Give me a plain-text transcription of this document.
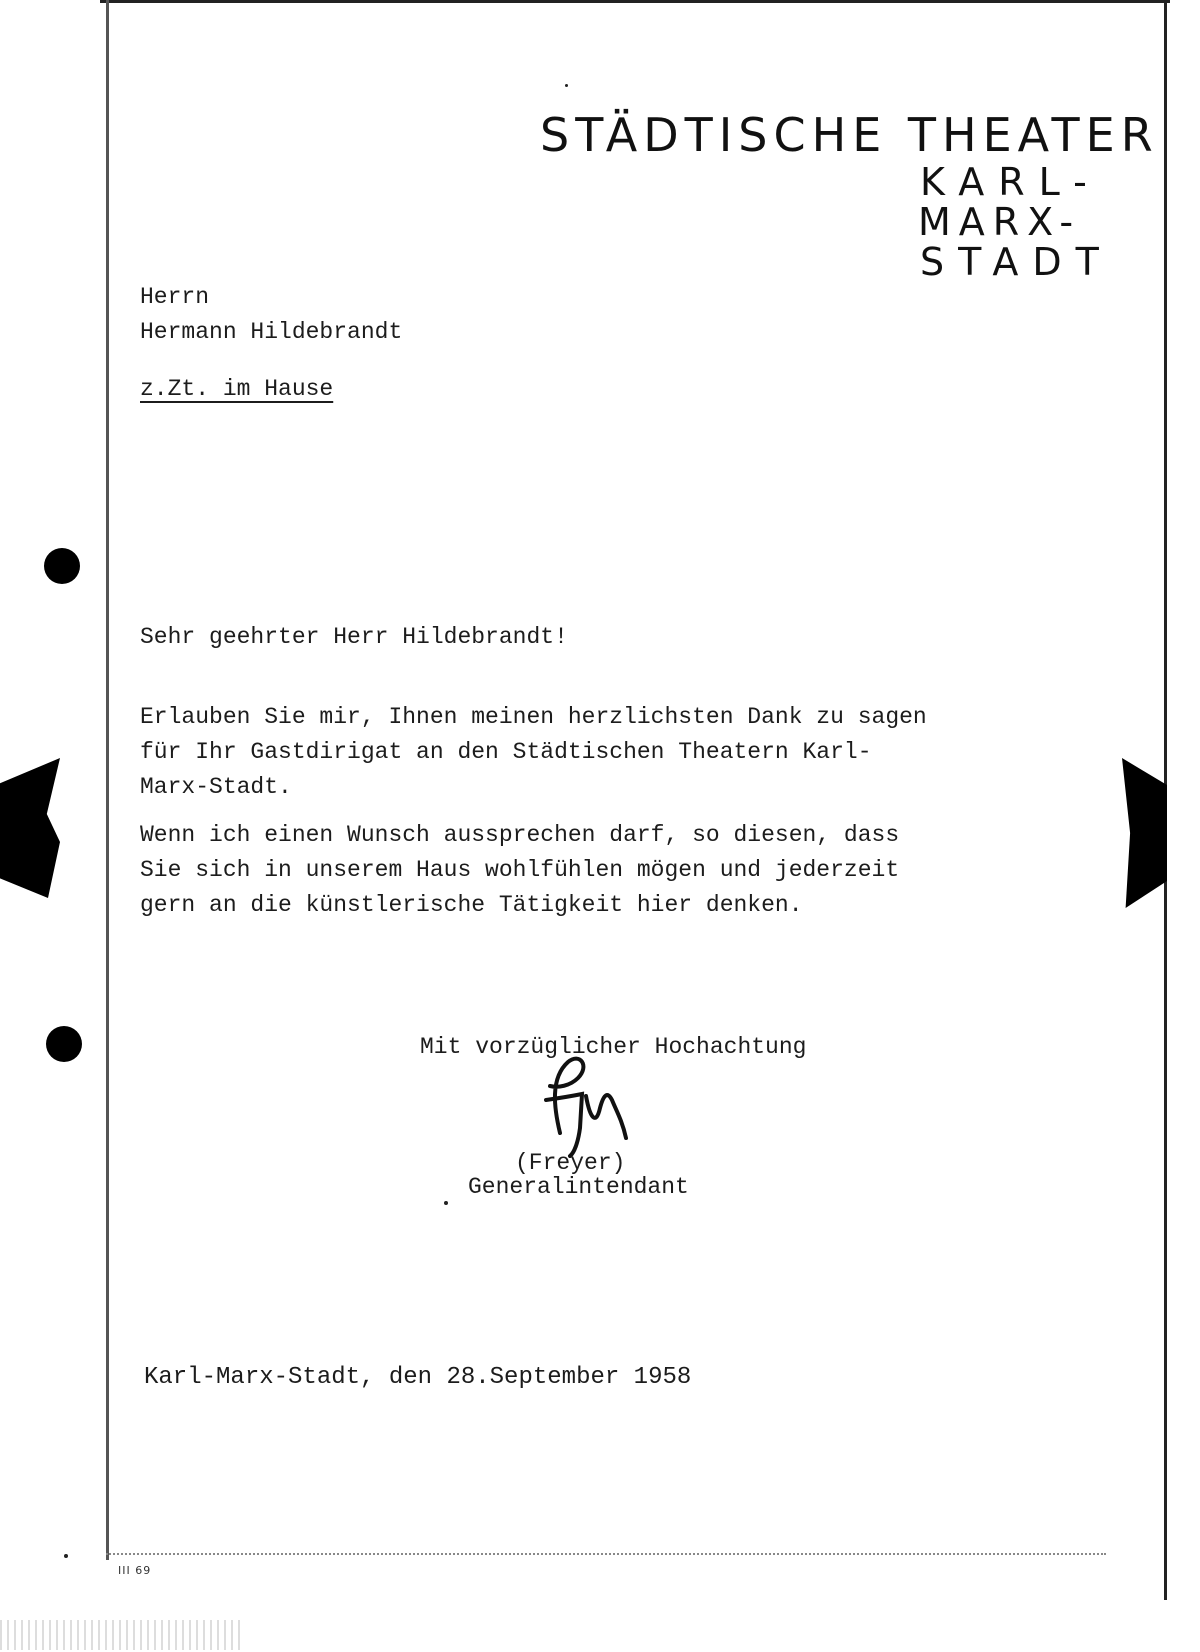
STÄDTISCHE THEATER
KARL-
MARX-
STADT
Herrn
Hermann Hildebrandt
z.Zt. im Hause
Sehr geehrter Herr Hildebrandt!
Erlauben Sie mir, Ihnen meinen herzlichsten Dank zu sagen
für Ihr Gastdirigat an den Städtischen Theatern Karl-
Marx-Stadt.
Wenn ich einen Wunsch aussprechen darf, so diesen, dass
Sie sich in unserem Haus wohlfühlen mögen und jederzeit
gern an die künstlerische Tätigkeit hier denken.
Mit vorzüglicher Hochachtung
(Freyer)
Generalintendant
Karl-Marx-Stadt, den 28.September 1958
III 69
